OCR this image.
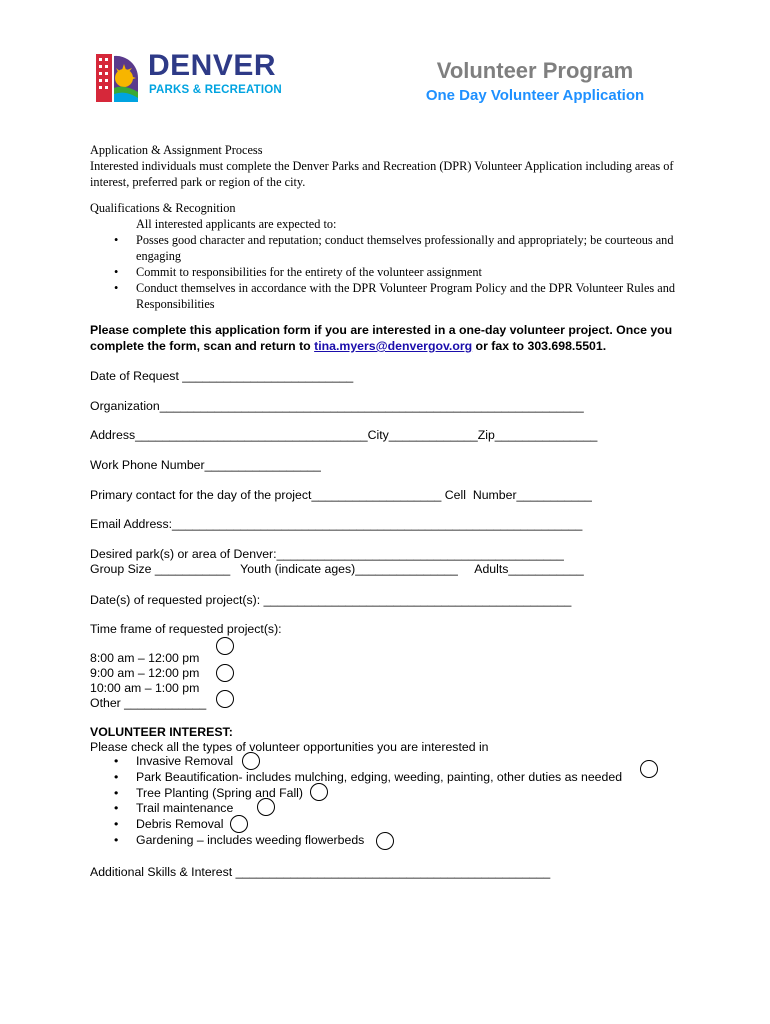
DENVER
PARKS & RECREATION
Volunteer Program
One Day Volunteer Application

Application & Assignment Process

Interested individuals must complete the Denver Parks and Recreation (DPR) Volunteer Application including areas of interest, preferred park or region of the city.

Qualifications & Recognition

All interested applicants are expected to:

• Posses good character and reputation; conduct themselves professionally and appropriately; be courteous and engaging
• Commit to responsibilities for the entirety of the volunteer assignment
• Conduct themselves in accordance with the DPR Volunteer Program Policy and the DPR Volunteer Rules and Responsibilities
Please complete this application form if you are interested in a one-day volunteer project. Once you complete the form, scan and return to tina.myers@denvergov.org or fax to 303.698.5501.
Date of Request _________________________
Organization______________________________________________________________
Address__________________________________City_____________Zip_______________
Work Phone Number_________________
Primary contact for the day of the project___________________ Cell  Number___________
Email Address:____________________________________________________________
Desired park(s) or area of Denver:__________________________________________
Group Size ___________   Youth (indicate ages)_______________     Adults___________
Date(s) of requested project(s): _____________________________________________
Time frame of requested project(s):
8:00 am – 12:00 pm
9:00 am – 12:00 pm
10:00 am – 1:00 pm
Other ____________
VOLUNTEER INTEREST:
Please check all the types of volunteer opportunities you are interested in
• Invasive Removal
• Park Beautification- includes mulching, edging, weeding, painting, other duties as needed
• Tree Planting (Spring and Fall)
• Trail maintenance
• Debris Removal
• Gardening – includes weeding flowerbeds
Additional Skills & Interest ______________________________________________
